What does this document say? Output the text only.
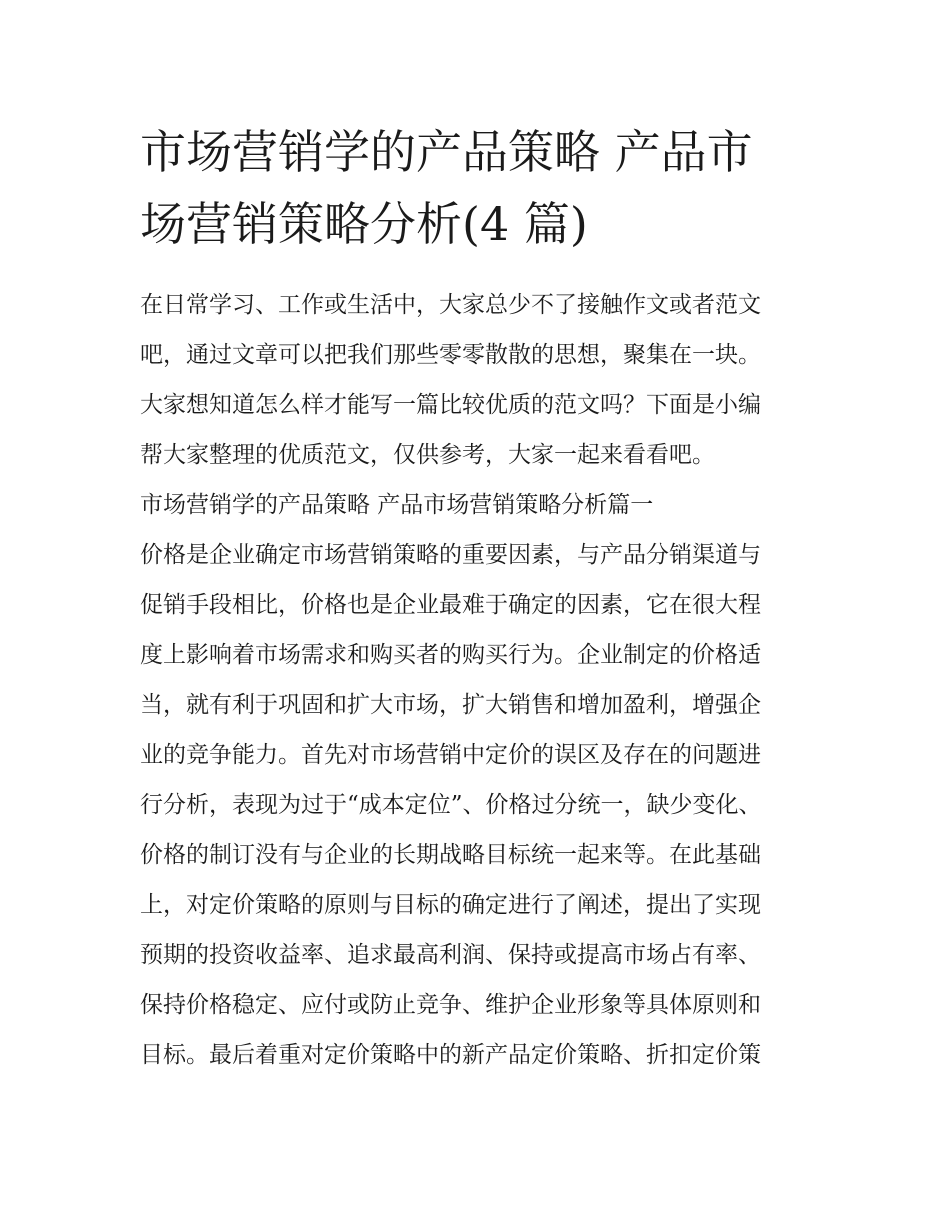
市场营销学的产品策略 产品市
场营销策略分析(4 篇)
在日常学习、工作或生活中，大家总少不了接触作文或者范文
吧，通过文章可以把我们那些零零散散的思想，聚集在一块。
大家想知道怎么样才能写一篇比较优质的范文吗？下面是小编
帮大家整理的优质范文，仅供参考，大家一起来看看吧。
市场营销学的产品策略 产品市场营销策略分析篇一
价格是企业确定市场营销策略的重要因素，与产品分销渠道与
促销手段相比，价格也是企业最难于确定的因素，它在很大程
度上影响着市场需求和购买者的购买行为。企业制定的价格适
当，就有利于巩固和扩大市场，扩大销售和增加盈利，增强企
业的竞争能力。首先对市场营销中定价的误区及存在的问题进
行分析，表现为过于“成本定位”、价格过分统一，缺少变化、
价格的制订没有与企业的长期战略目标统一起来等。在此基础
上，对定价策略的原则与目标的确定进行了阐述，提出了实现
预期的投资收益率、追求最高利润、保持或提高市场占有率、
保持价格稳定、应付或防止竞争、维护企业形象等具体原则和
目标。最后着重对定价策略中的新产品定价策略、折扣定价策
